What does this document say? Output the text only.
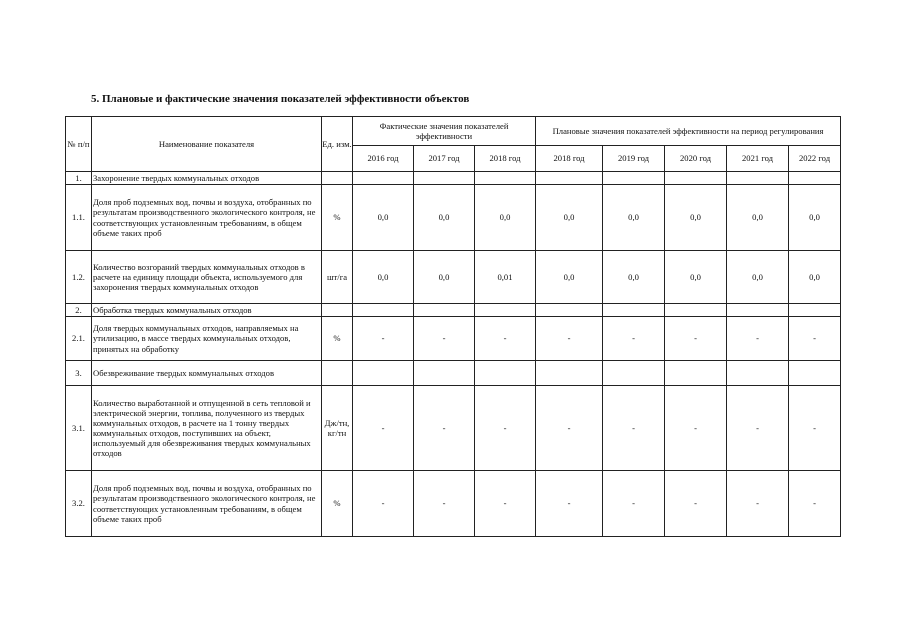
5. Плановые и фактические значения показателей эффективности объектов
№ п/п	Наименование показателя	Ед. изм.	Фактические значения показателей эффективности			Плановые значения показателей эффективности на период регулирования				
			2016 год	2017 год	2018 год	2018 год	2019 год	2020 год	2021 год	2022 год
1.	Захоронение твердых коммунальных отходов									
1.1.	Доля проб подземных вод, почвы и воздуха, отобранных по результатам производственного экологического контроля, не соответствующих установленным требованиям, в общем объеме таких проб	%	0,0	0,0	0,0	0,0	0,0	0,0	0,0	0,0
1.2.	Количество возгораний твердых коммунальных отходов в расчете на единицу площади объекта, используемого для захоронения твердых коммунальных отходов	шт/га	0,0	0,0	0,01	0,0	0,0	0,0	0,0	0,0
2.	Обработка твердых коммунальных отходов									
2.1.	Доля твердых коммунальных отходов, направляемых на утилизацию, в массе твердых коммунальных отходов, принятых на обработку	%	-	-	-	-	-	-	-	-
3.	Обезвреживание твердых коммунальных отходов									
3.1.	Количество выработанной и отпущенной в сеть тепловой и электрической энергии, топлива, полученного из твердых коммунальных отходов, в расчете на 1 тонну твердых коммунальных отходов, поступивших на объект, используемый для обезвреживания твердых коммунальных отходов	Дж/тн, кг/тн	-	-	-	-	-	-	-	-
3.2.	Доля проб подземных вод, почвы и воздуха, отобранных по результатам производственного экологического контроля, не соответствующих установленным требованиям, в общем объеме таких проб	%	-	-	-	-	-	-	-	-
